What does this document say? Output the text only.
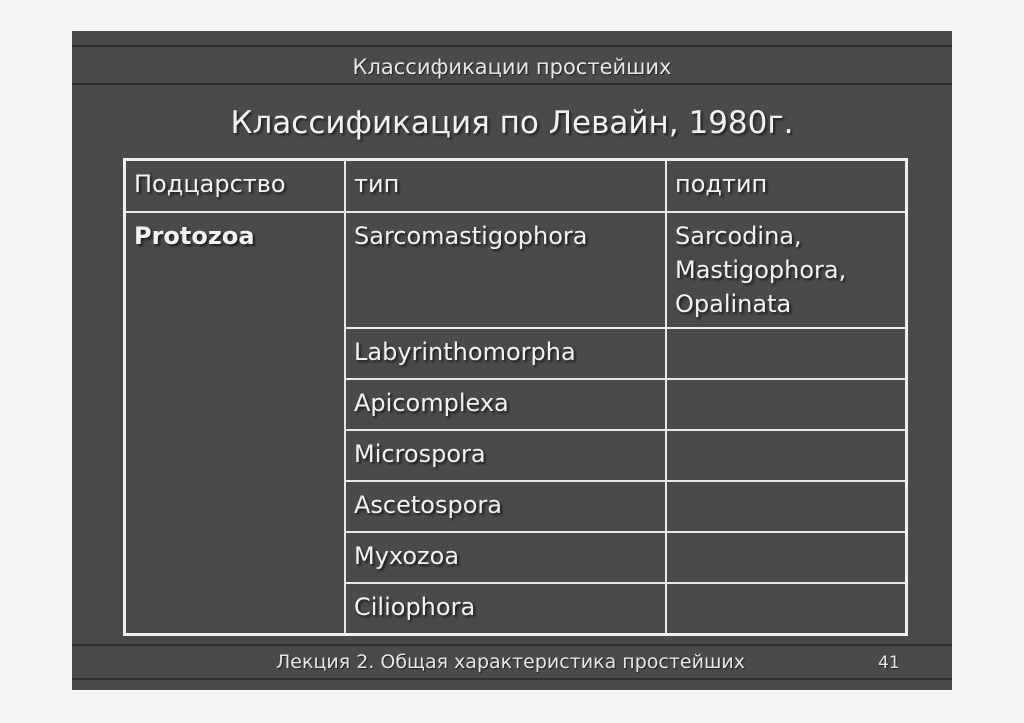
Классификации простейших
Классификация по Левайн, 1980г.
Подцарство	тип	подтип
Protozoa	Sarcomastigophora	Sarcodina,
Mastigophora,
Opalinata

	Labyrinthomorpha	
	Apicomplexa	
	Microspora	
	Ascetospora	
	Myxozoa	
	Ciliophora	
Лекция 2. Общая характеристика простейших	41
